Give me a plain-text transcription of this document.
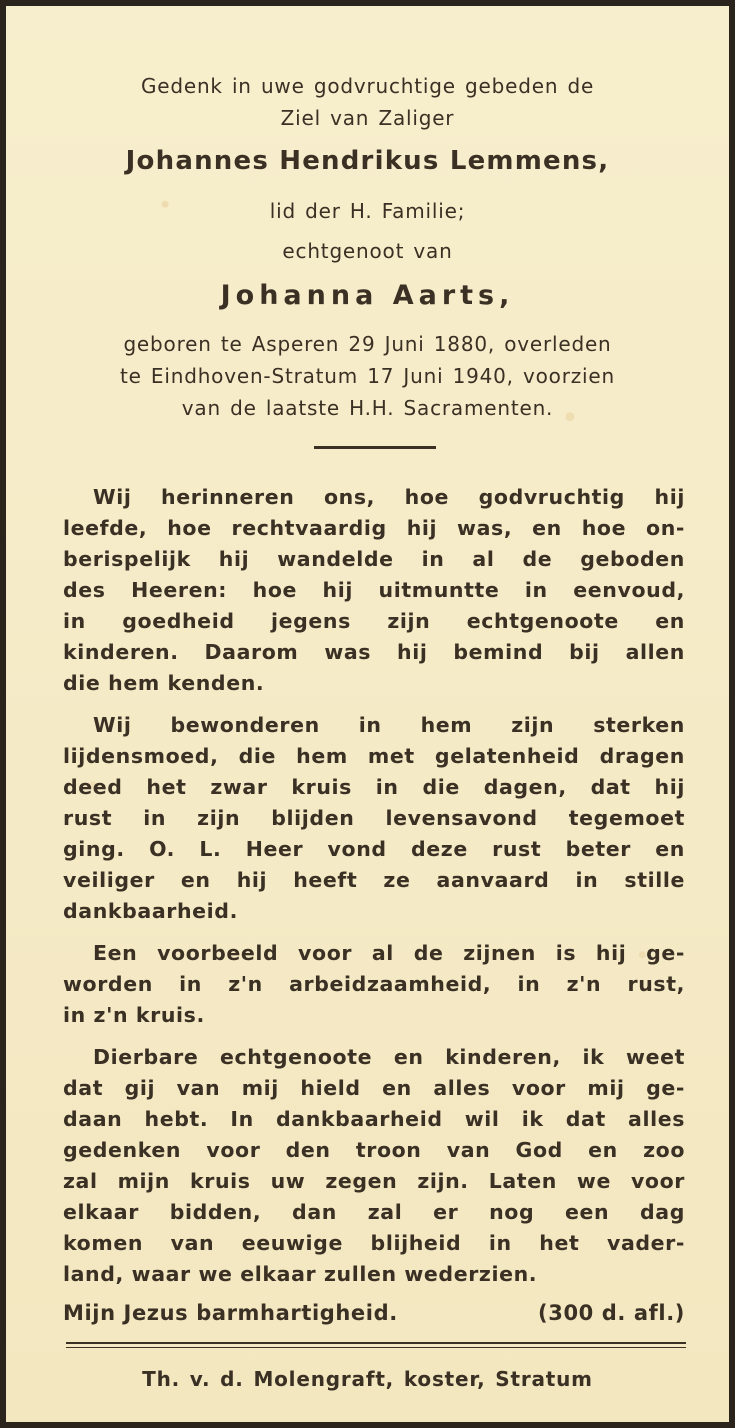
Gedenk in uwe godvruchtige gebeden de
Ziel van Zaliger
Johannes Hendrikus Lemmens,
lid der H. Familie;
echtgenoot van
Johanna Aarts,
geboren te Asperen 29 Juni 1880, overleden
te Eindhoven-Stratum 17 Juni 1940, voorzien
van de laatste H.H. Sacramenten.
Wij herinneren ons, hoe godvruchtig hij
leefde, hoe rechtvaardig hij was, en hoe on-
berispelijk hij wandelde in al de geboden
des Heeren: hoe hij uitmuntte in eenvoud,
in goedheid jegens zijn echtgenoote en
kinderen. Daarom was hij bemind bij allen
die hem kenden.
Wij bewonderen in hem zijn sterken
lijdensmoed, die hem met gelatenheid dragen
deed het zwar kruis in die dagen, dat hij
rust in zijn blijden levensavond tegemoet
ging. O. L. Heer vond deze rust beter en
veiliger en hij heeft ze aanvaard in stille
dankbaarheid.
Een voorbeeld voor al de zijnen is hij ge-
worden in z'n arbeidzaamheid, in z'n rust,
in z'n kruis.
Dierbare echtgenoote en kinderen, ik weet
dat gij van mij hield en alles voor mij ge-
daan hebt. In dankbaarheid wil ik dat alles
gedenken voor den troon van God en zoo
zal mijn kruis uw zegen zijn. Laten we voor
elkaar bidden, dan zal er nog een dag
komen van eeuwige blijheid in het vader-
land, waar we elkaar zullen wederzien.
Mijn Jezus barmhartigheid.	(300 d. afl.)
Th. v. d. Molengraft, koster, Stratum
